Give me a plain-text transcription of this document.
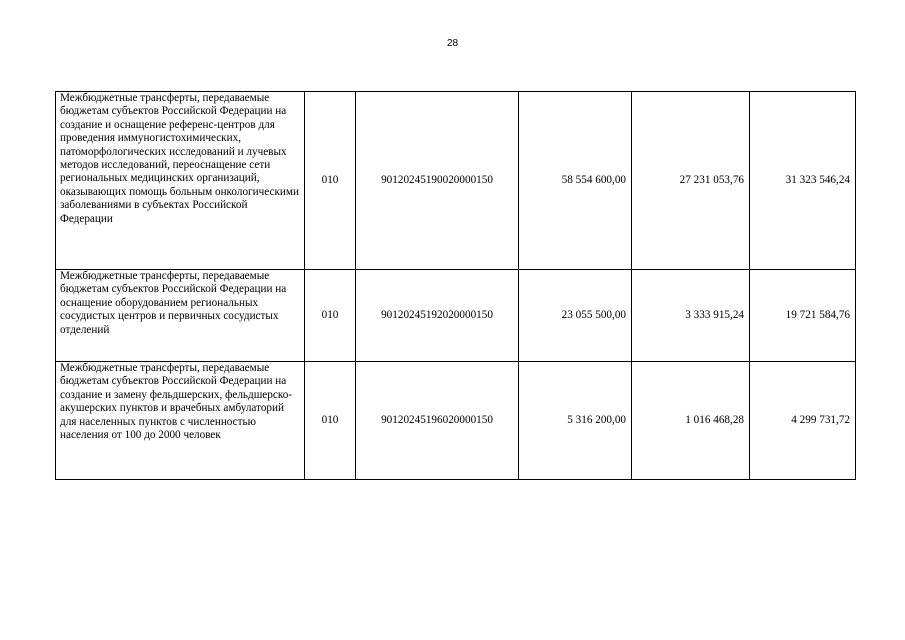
28
Межбюджетные трансферты, передаваемые бюджетам субъектов Российской Федерации на создание и оснащение референс-центров для проведения иммуногистохимических, патоморфологических исследований и лучевых методов исследований, переоснащение сети региональных медицинских организаций, оказывающих помощь больным онкологическими заболеваниями в субъектах Российской Федерации	010	90120245190020000150	58 554 600,00	27 231 053,76	31 323 546,24
Межбюджетные трансферты, передаваемые бюджетам субъектов Российской Федерации на оснащение оборудованием региональных сосудистых центров и первичных сосудистых отделений	010	90120245192020000150	23 055 500,00	3 333 915,24	19 721 584,76
Межбюджетные трансферты, передаваемые бюджетам субъектов Российской Федерации на создание и замену фельдшерских, фельдшерско-акушерских пунктов и врачебных амбулаторий для населенных пунктов с численностью населения от 100 до 2000 человек	010	90120245196020000150	5 316 200,00	1 016 468,28	4 299 731,72
